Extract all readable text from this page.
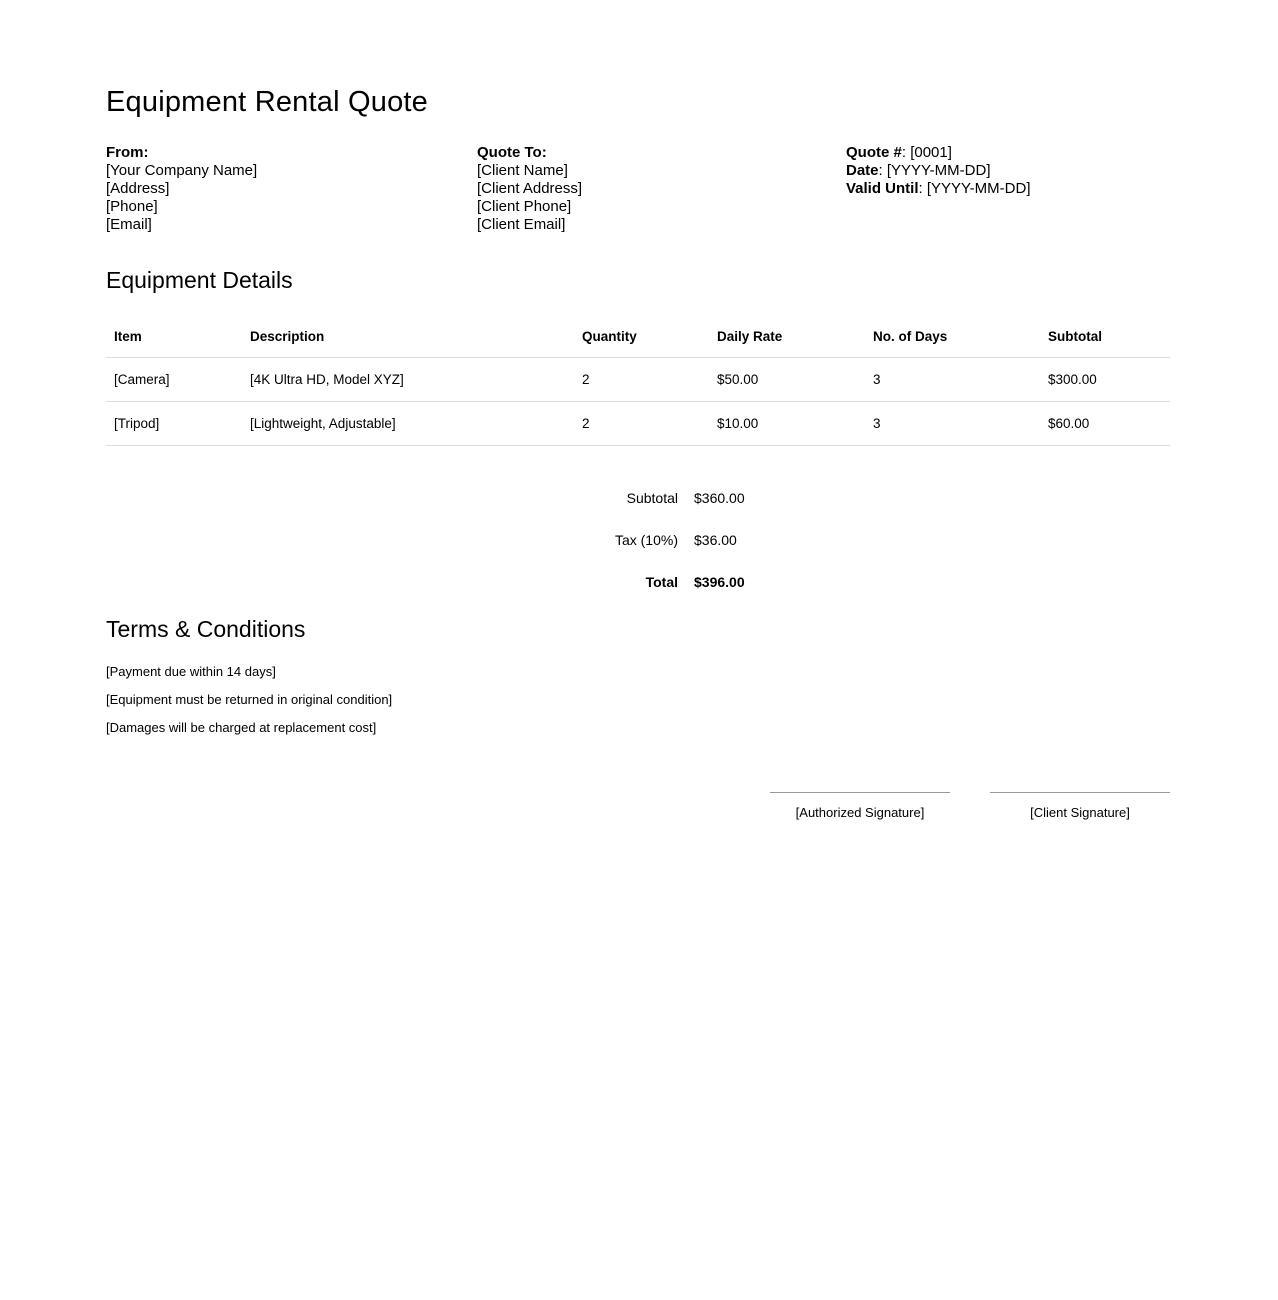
Equipment Rental Quote
From:
[Your Company Name]
[Address]
[Phone]
[Email]
Quote To:
[Client Name]
[Client Address]
[Client Phone]
[Client Email]
Quote #: [0001]
Date: [YYYY-MM-DD]
Valid Until: [YYYY-MM-DD]
Equipment Details
Item	Description	Quantity	Daily Rate	No. of Days	Subtotal
[Camera]	[4K Ultra HD, Model XYZ]	2	$50.00	3	$300.00
[Tripod]	[Lightweight, Adjustable]	2	$10.00	3	$60.00
Subtotal $360.00
Tax (10%) $36.00
Total $396.00
Terms & Conditions

[Payment due within 14 days]

[Equipment must be returned in original condition]

[Damages will be charged at replacement cost]

[Authorized Signature]	[Client Signature]
